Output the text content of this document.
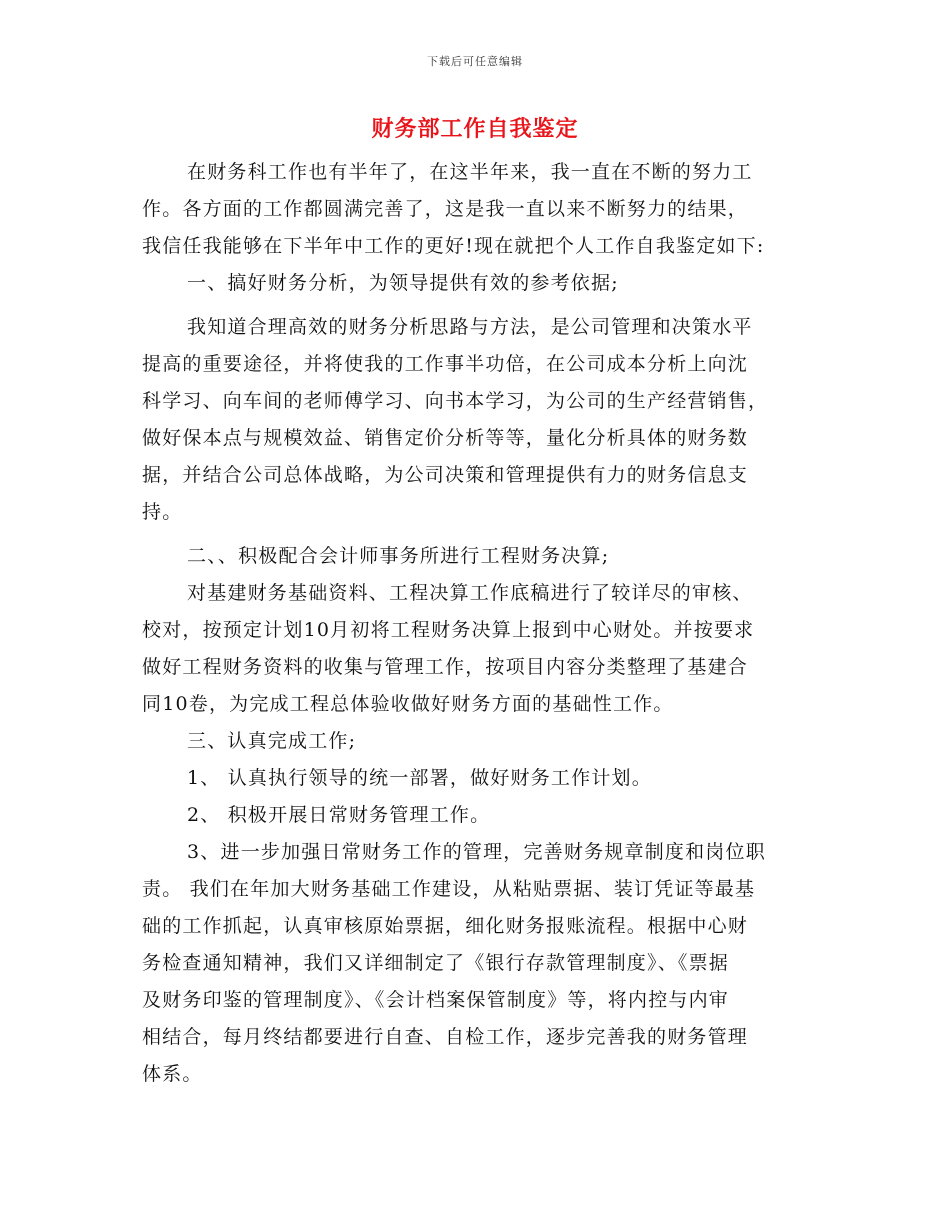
下载后可任意编辑
财务部工作自我鉴定
在财务科工作也有半年了，在这半年来，我一直在不断的努力工
作。各方面的工作都圆满完善了，这是我一直以来不断努力的结果，
我信任我能够在下半年中工作的更好!现在就把个人工作自我鉴定如下:
一、搞好财务分析，为领导提供有效的参考依据;
我知道合理高效的财务分析思路与方法，是公司管理和决策水平
提高的重要途径，并将使我的工作事半功倍，在公司成本分析上向沈
科学习、向车间的老师傅学习、向书本学习，为公司的生产经营销售，
做好保本点与规模效益、销售定价分析等等，量化分析具体的财务数
据，并结合公司总体战略，为公司决策和管理提供有力的财务信息支
持。
二、、积极配合会计师事务所进行工程财务决算;
对基建财务基础资料、工程决算工作底稿进行了较详尽的审核、
校对，按预定计划10月初将工程财务决算上报到中心财处。并按要求
做好工程财务资料的收集与管理工作，按项目内容分类整理了基建合
同10卷，为完成工程总体验收做好财务方面的基础性工作。
三、认真完成工作;
1、 认真执行领导的统一部署，做好财务工作计划。
2、 积极开展日常财务管理工作。
3、进一步加强日常财务工作的管理，完善财务规章制度和岗位职
责。 我们在年加大财务基础工作建设，从粘贴票据、装订凭证等最基
础的工作抓起，认真审核原始票据，细化财务报账流程。根据中心财
务检查通知精神，我们又详细制定了《银行存款管理制度》、《票据
及财务印鉴的管理制度》、《会计档案保管制度》等，将内控与内审
相结合，每月终结都要进行自查、自检工作，逐步完善我的财务管理
体系。
